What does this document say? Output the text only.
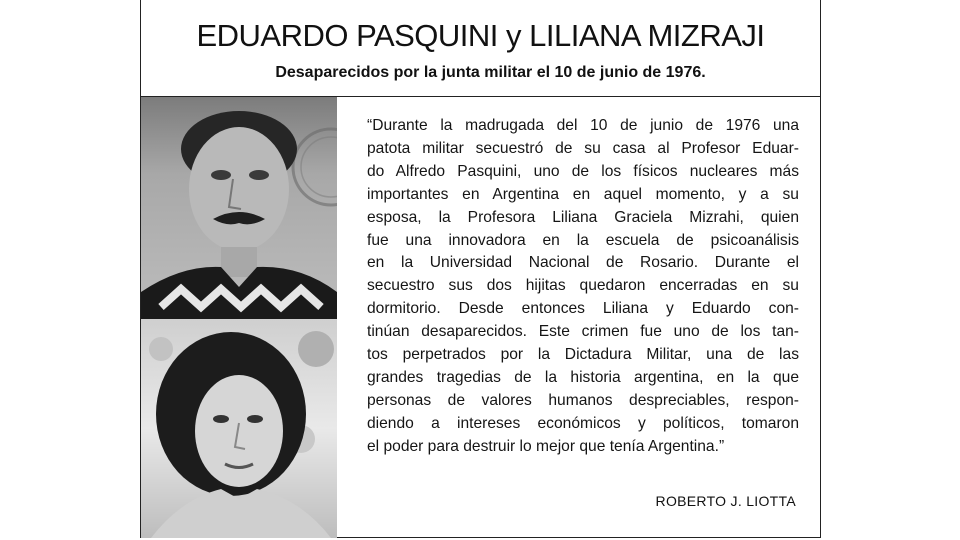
EDUARDO PASQUINI y LILIANA MIZRAJI
Desaparecidos por la junta militar el 10 de junio de 1976.
“Durante la madrugada del 10 de junio de 1976 una
patota militar secuestró de su casa al Profesor Eduar-
do Alfredo Pasquini, uno de los físicos nucleares más
importantes en Argentina en aquel momento, y a su
esposa, la Profesora Liliana Graciela Mizrahi, quien
fue una innovadora en la escuela de psicoanálisis
en la Universidad Nacional de Rosario. Durante el
secuestro sus dos hijitas quedaron encerradas en su
dormitorio. Desde entonces Liliana y Eduardo con-
tinúan desaparecidos. Este crimen fue uno de los tan-
tos perpetrados por la Dictadura Militar, una de las
grandes tragedias de la historia argentina, en la que
personas de valores humanos despreciables, respon-
diendo a intereses económicos y políticos, tomaron
el poder para destruir lo mejor que tenía Argentina.”
ROBERTO J. LIOTTA
